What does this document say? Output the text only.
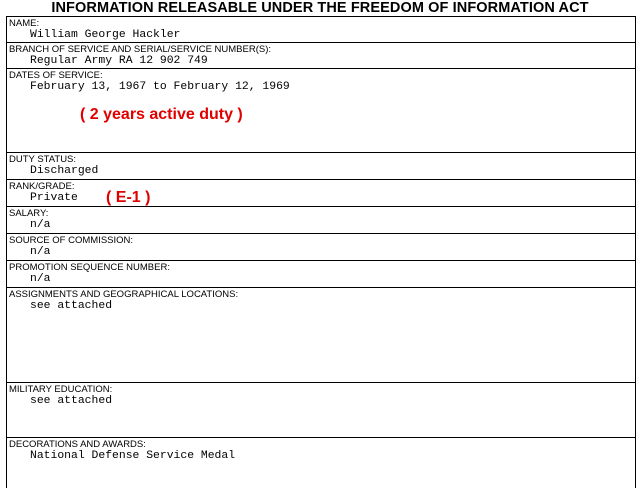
INFORMATION RELEASABLE UNDER THE FREEDOM OF INFORMATION ACT
NAME:
William George Hackler
BRANCH OF SERVICE AND SERIAL/SERVICE NUMBER(S):
Regular Army RA 12 902 749
DATES OF SERVICE:
February 13, 1967 to February 12, 1969
DUTY STATUS:
Discharged
RANK/GRADE:
Private
SALARY:
n/a
SOURCE OF COMMISSION:
n/a
PROMOTION SEQUENCE NUMBER:
n/a
ASSIGNMENTS AND GEOGRAPHICAL LOCATIONS:
see attached
MILITARY EDUCATION:
see attached
DECORATIONS AND AWARDS:
National Defense Service Medal
( 2 years active duty )
( E-1 )
